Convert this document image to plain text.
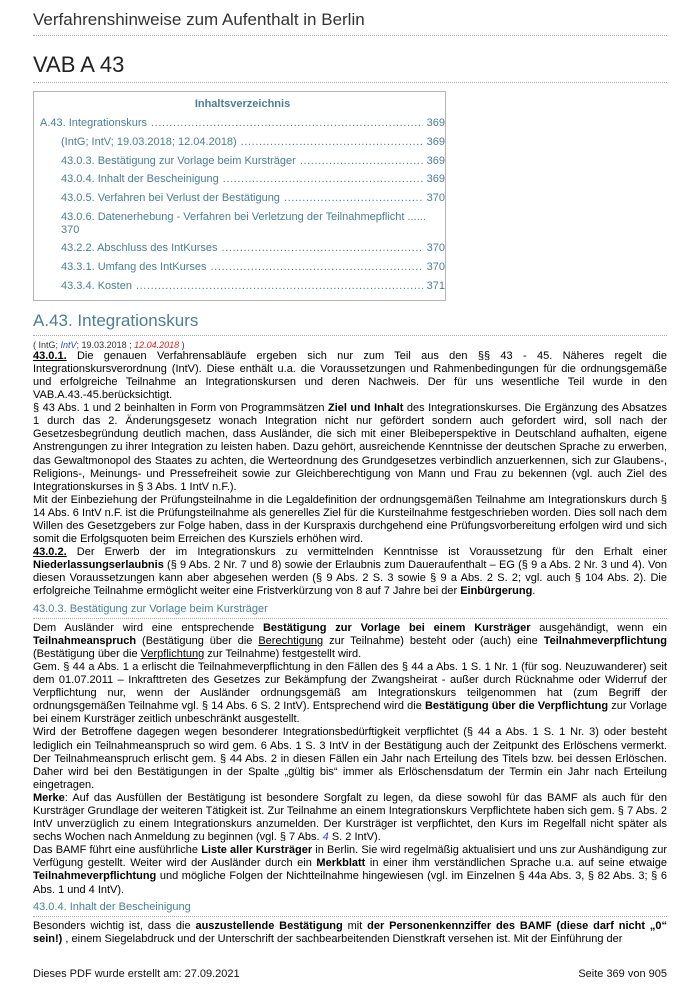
Verfahrenshinweise zum Aufenthalt in Berlin
VAB A 43
Inhaltsverzeichnis
A.43. Integrationskurs .....	369
(IntG; IntV; 19.03.2018; 12.04.2018) .....	369
43.0.3. Bestätigung zur Vorlage beim Kursträger .....	369
43.0.4. Inhalt der Bescheinigung .....	369
43.0.5. Verfahren bei Verlust der Bestätigung .....	370
43.0.6. Datenerhebung - Verfahren bei Verletzung der Teilnahmepflicht ......
370
43.2.2. Abschluss des IntKurses .....	370
43.3.1. Umfang des IntKurses .....	370
43.3.4. Kosten .....	371
A.43. Integrationskurs
( IntG; IntV; 19.03.2018 ; 12.04.2018 )

43.0.1. Die genauen Verfahrensabläufe ergeben sich nur zum Teil aus den §§ 43 - 45. Näheres regelt die Integrationskursverordnung (IntV). Diese enthält u.a. die Voraussetzungen und Rahmenbedingungen für die ordnungsgemäße und erfolgreiche Teilnahme an Integrationskursen und deren Nachweis. Der für uns wesentliche Teil wurde in den VAB.A.43.-45.berücksichtigt.

§ 43 Abs. 1 und 2 beinhalten in Form von Programmsätzen Ziel und Inhalt des Integrationskurses. Die Ergänzung des Absatzes 1 durch das 2. Änderungsgesetz wonach Integration nicht nur gefördert sondern auch gefordert wird, soll nach der Gesetzesbegründung deutlich machen, dass Ausländer, die sich mit einer Bleibeperspektive in Deutschland aufhalten, eigene Anstrengungen zu ihrer Integration zu leisten haben. Dazu gehört, ausreichende Kenntnisse der deutschen Sprache zu erwerben, das Gewaltmonopol des Staates zu achten, die Werteordnung des Grundgesetzes verbindlich anzuerkennen, sich zur Glaubens-, Religions-, Meinungs- und Pressefreiheit sowie zur Gleichberechtigung von Mann und Frau zu bekennen (vgl. auch Ziel des Integrationskurses in § 3 Abs. 1 IntV n.F.).

Mit der Einbeziehung der Prüfungsteilnahme in die Legaldefinition der ordnungsgemäßen Teilnahme am Integrationskurs durch § 14 Abs. 6 IntV n.F. ist die Prüfungsteilnahme als generelles Ziel für die Kursteilnahme festgeschrieben worden. Dies soll nach dem Willen des Gesetzgebers zur Folge haben, dass in der Kurspraxis durchgehend eine Prüfungsvorbereitung erfolgen wird und sich somit die Erfolgsquoten beim Erreichen des Kursziels erhöhen wird.

43.0.2. Der Erwerb der im Integrationskurs zu vermittelnden Kenntnisse ist Voraussetzung für den Erhalt einer Niederlassungserlaubnis (§ 9 Abs. 2 Nr. 7 und 8) sowie der Erlaubnis zum Daueraufenthalt – EG (§ 9 a Abs. 2 Nr. 3 und 4). Von diesen Voraussetzungen kann aber abgesehen werden (§ 9 Abs. 2 S. 3 sowie § 9 a Abs. 2 S. 2; vgl. auch § 104 Abs. 2). Die erfolgreiche Teilnahme ermöglicht weiter eine Fristverkürzung von 8 auf 7 Jahre bei der Einbürgerung.

43.0.3. Bestätigung zur Vorlage beim Kursträger

Dem Ausländer wird eine entsprechende Bestätigung zur Vorlage bei einem Kursträger ausgehändigt, wenn ein Teilnahmeanspruch (Bestätigung über die Berechtigung zur Teilnahme) besteht oder (auch) eine Teilnahmeverpflichtung (Bestätigung über die Verpflichtung zur Teilnahme) festgestellt wird.

Gem. § 44 a Abs. 1 a erlischt die Teilnahmeverpflichtung in den Fällen des § 44 a Abs. 1 S. 1 Nr. 1 (für sog. Neuzuwanderer) seit dem 01.07.2011 – Inkrafttreten des Gesetzes zur Bekämpfung der Zwangsheirat - außer durch Rücknahme oder Widerruf der Verpflichtung nur, wenn der Ausländer ordnungsgemäß am Integrationskurs teilgenommen hat (zum Begriff der ordnungsgemäßen Teilnahme vgl. § 14 Abs. 6 S. 2 IntV). Entsprechend wird die Bestätigung über die Verpflichtung zur Vorlage bei einem Kursträger zeitlich unbeschränkt ausgestellt.

Wird der Betroffene dagegen wegen besonderer Integrationsbedürftigkeit verpflichtet (§ 44 a Abs. 1 S. 1 Nr. 3) oder besteht lediglich ein Teilnahmeanspruch so wird gem. 6 Abs. 1 S. 3 IntV in der Bestätigung auch der Zeitpunkt des Erlöschens vermerkt. Der Teilnahmeanspruch erlischt gem. § 44 Abs. 2 in diesen Fällen ein Jahr nach Erteilung des Titels bzw. bei dessen Erlöschen. Daher wird bei den Bestätigungen in der Spalte „gültig bis“ immer als Erlöschensdatum der Termin ein Jahr nach Erteilung eingetragen.

Merke: Auf das Ausfüllen der Bestätigung ist besondere Sorgfalt zu legen, da diese sowohl für das BAMF als auch für den Kursträger Grundlage der weiteren Tätigkeit ist. Zur Teilnahme an einem Integrationskurs Verpflichtete haben sich gem. § 7 Abs. 2 IntV unverzüglich zu einem Integrationskurs anzumelden. Der Kursträger ist verpflichtet, den Kurs im Regelfall nicht später als sechs Wochen nach Anmeldung zu beginnen (vgl. § 7 Abs. 4 S. 2 IntV).

Das BAMF führt eine ausführliche Liste aller Kursträger in Berlin. Sie wird regelmäßig aktualisiert und uns zur Aushändigung zur Verfügung gestellt. Weiter wird der Ausländer durch ein Merkblatt in einer ihm verständlichen Sprache u.a. auf seine etwaige Teilnahmeverpflichtung und mögliche Folgen der Nichtteilnahme hingewiesen (vgl. im Einzelnen § 44a Abs. 3, § 82 Abs. 3; § 6 Abs. 1 und 4 IntV).

43.0.4. Inhalt der Bescheinigung

Besonders wichtig ist, dass die auszustellende Bestätigung mit der Personenkennziffer des BAMF (diese darf nicht „0“ sein!) , einem Siegelabdruck und der Unterschrift der sachbearbeitenden Dienstkraft versehen ist. Mit der Einführung der

Dieses PDF wurde erstellt am: 27.09.2021	Seite 369 von 905
